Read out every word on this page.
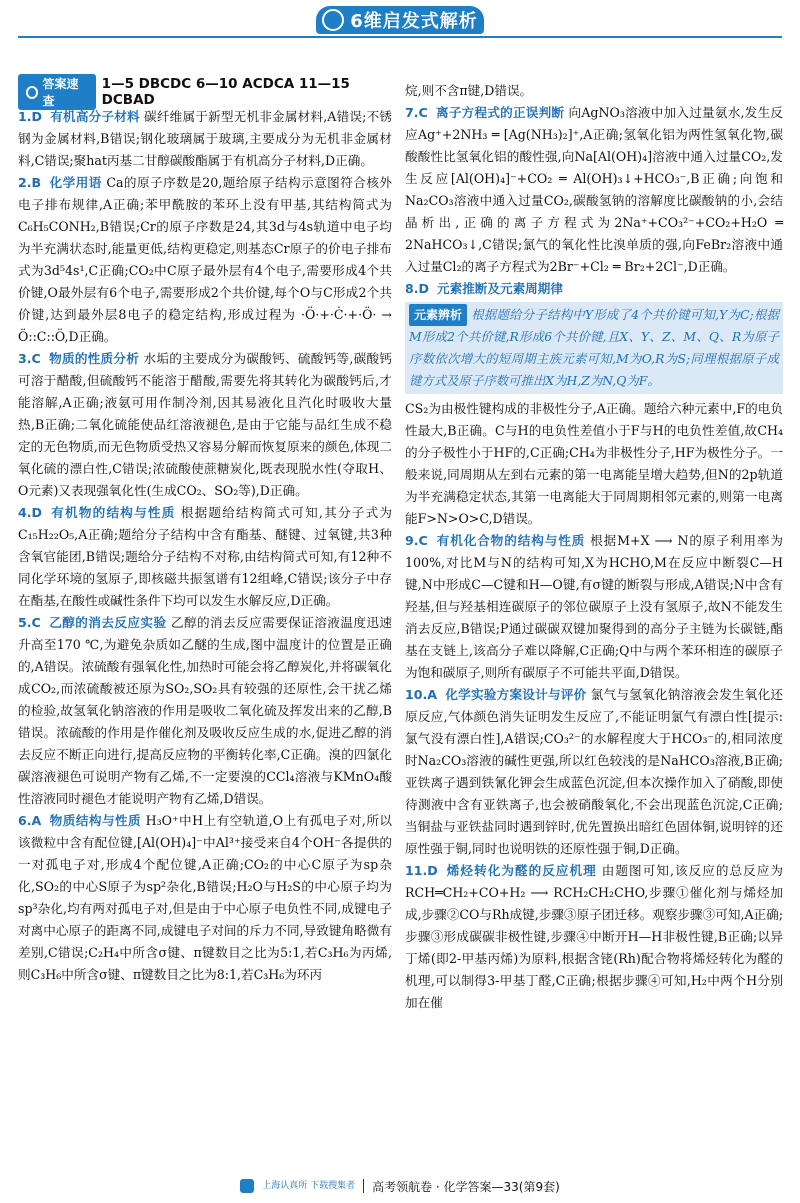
6维启发式解析
答案速查
1—5 DBCDC 6—10 ACDCA 11—15 DCBAD

1.D 有机高分子材料 碳纤维属于新型无机非金属材料,A错误;不锈钢为金属材料,B错误;钢化玻璃属于玻璃,主要成分为无机非金属材料,C错误;聚hat丙基二甘醇碳酸酯属于有机高分子材料,D正确。

2.B 化学用语 Ca的原子序数是20,题给原子结构示意图符合核外电子排布规律,A正确;苯甲酰胺的苯环上没有甲基,其结构简式为 C₆H₅CONH₂,B错误;Cr的原子序数是24,其3d与4s轨道中电子均为半充满状态时,能量更低,结构更稳定,则基态Cr原子的价电子排布式为3d⁵4s¹,C正确;CO₂中C原子最外层有4个电子,需要形成4个共价键,O最外层有6个电子,需要形成2个共价键,每个O与C形成2个共价键,达到最外层8电子的稳定结构,形成过程为 ·Ö·+·Ċ·+·Ö· → Ö::C::Ö,D正确。

3.C 物质的性质分析 水垢的主要成分为碳酸钙、硫酸钙等,碳酸钙可溶于醋酸,但硫酸钙不能溶于醋酸,需要先将其转化为碳酸钙后,才能溶解,A正确;液氨可用作制冷剂,因其易液化且汽化时吸收大量热,B正确;二氧化硫能使品红溶液褪色,是由于它能与品红生成不稳定的无色物质,而无色物质受热又容易分解而恢复原来的颜色,体现二氧化硫的漂白性,C错误;浓硫酸使蔗糖炭化,既表现脱水性(夺取H、O元素)又表现强氧化性(生成CO₂、SO₂等),D正确。

4.D 有机物的结构与性质 根据题给结构简式可知,其分子式为C₁₅H₂₂O₅,A正确;题给分子结构中含有酯基、醚键、过氧键,共3种含氧官能团,B错误;题给分子结构不对称,由结构简式可知,有12种不同化学环境的氢原子,即核磁共振氢谱有12组峰,C错误;该分子中存在酯基,在酸性或碱性条件下均可以发生水解反应,D正确。

5.C 乙醇的消去反应实验 乙醇的消去反应需要保证溶液温度迅速升高至170 ℃,为避免杂质如乙醚的生成,图中温度计的位置是正确的,A错误。浓硫酸有强氧化性,加热时可能会将乙醇炭化,并将碳氧化成CO₂,而浓硫酸被还原为SO₂,SO₂具有较强的还原性,会干扰乙烯的检验,故氢氧化钠溶液的作用是吸收二氧化硫及挥发出来的乙醇,B错误。浓硫酸的作用是作催化剂及吸收反应生成的水,促进乙醇的消去反应不断正向进行,提高反应物的平衡转化率,C正确。溴的四氯化碳溶液褪色可说明产物有乙烯,不一定要溴的CCl₄溶液与KMnO₄酸性溶液同时褪色才能说明产物有乙烯,D错误。

6.A 物质结构与性质 H₃O⁺中H上有空轨道,O上有孤电子对,所以该微粒中含有配位键,[Al(OH)₄]⁻中Al³⁺接受来自4个OH⁻各提供的一对孤电子对,形成4个配位键,A正确;CO₂的中心C原子为sp杂化,SO₂的中心S原子为sp²杂化,B错误;H₂O与H₂S的中心原子均为sp³杂化,均有两对孤电子对,但是由于中心原子电负性不同,成键电子对离中心原子的距离不同,成键电子对间的斥力不同,导致键角略微有差别,C错误;C₂H₄中所含σ键、π键数目之比为5:1,若C₃H₆为丙烯,则C₃H₆中所含σ键、π键数目之比为8:1,若C₃H₆为环丙

烷,则不含π键,D错误。

7.C 离子方程式的正误判断 向AgNO₃溶液中加入过量氨水,发生反应Ag⁺+2NH₃ ═ [Ag(NH₃)₂]⁺,A正确;氢氧化铝为两性氢氧化物,碳酸酸性比氢氧化铝的酸性强,向Na[Al(OH)₄]溶液中通入过量CO₂,发生反应[Al(OH)₄]⁻+CO₂ ═ Al(OH)₃↓+HCO₃⁻,B正确;向饱和Na₂CO₃溶液中通入过量CO₂,碳酸氢钠的溶解度比碳酸钠的小,会结晶析出,正确的离子方程式为2Na⁺+CO₃²⁻+CO₂+H₂O ═ 2NaHCO₃↓,C错误;氯气的氧化性比溴单质的强,向FeBr₂溶液中通入过量Cl₂的离子方程式为2Br⁻+Cl₂ ═ Br₂+2Cl⁻,D正确。

8.D 元素推断及元素周期律

元素辨析 根据题给分子结构中Y形成了4个共价键可知,Y为C;根据M形成2个共价键,R形成6个共价键,且X、Y、Z、M、Q、R为原子序数依次增大的短周期主族元素可知,M为O,R为S;同理根据原子成键方式及原子序数可推出X为H,Z为N,Q为F。

CS₂为由极性键构成的非极性分子,A正确。题给六种元素中,F的电负性最大,B正确。C与H的电负性差值小于F与H的电负性差值,故CH₄的分子极性小于HF的,C正确;CH₄为非极性分子,HF为极性分子。一般来说,同周期从左到右元素的第一电离能呈增大趋势,但N的2p轨道为半充满稳定状态,其第一电离能大于同周期相邻元素的,则第一电离能F>N>O>C,D错误。

9.C 有机化合物的结构与性质 根据M+X ⟶ N的原子利用率为100%,对比M与N的结构可知,X为HCHO,M在反应中断裂C—H键,N中形成C—C键和H—O键,有σ键的断裂与形成,A错误;N中含有羟基,但与羟基相连碳原子的邻位碳原子上没有氢原子,故N不能发生消去反应,B错误;P通过碳碳双键加聚得到的高分子主链为长碳链,酯基在支链上,该高分子难以降解,C正确;Q中与两个苯环相连的碳原子为饱和碳原子,则所有碳原子不可能共平面,D错误。

10.A 化学实验方案设计与评价 氯气与氢氧化钠溶液会发生氧化还原反应,气体颜色消失证明发生反应了,不能证明氯气有漂白性[提示:氯气没有漂白性],A错误;CO₃²⁻的水解程度大于HCO₃⁻的,相同浓度时Na₂CO₃溶液的碱性更强,所以红色较浅的是NaHCO₃溶液,B正确;亚铁离子遇到铁氰化钾会生成蓝色沉淀,但本次操作加入了硝酸,即使待测液中含有亚铁离子,也会被硝酸氧化,不会出现蓝色沉淀,C正确;当铜盐与亚铁盐同时遇到锌时,优先置换出暗红色固体铜,说明锌的还原性强于铜,同时也说明铁的还原性强于铜,D正确。

11.D 烯烃转化为醛的反应机理 由题图可知,该反应的总反应为RCH═CH₂+CO+H₂ ⟶ RCH₂CH₂CHO,步骤①催化剂与烯烃加成,步骤②CO与Rh成键,步骤③原子团迁移。观察步骤③可知,A正确;步骤③形成碳碳非极性键,步骤④中断开H—H非极性键,B正确;以异丁烯(即2-甲基丙烯)为原料,根据含铑(Rh)配合物将烯烃转化为醛的机理,可以制得3-甲基丁醛,C正确;根据步骤④可知,H₂中两个H分别加在催

上海认真所 下载搜集者 高考领航卷 · 化学答案—33(第9套)
